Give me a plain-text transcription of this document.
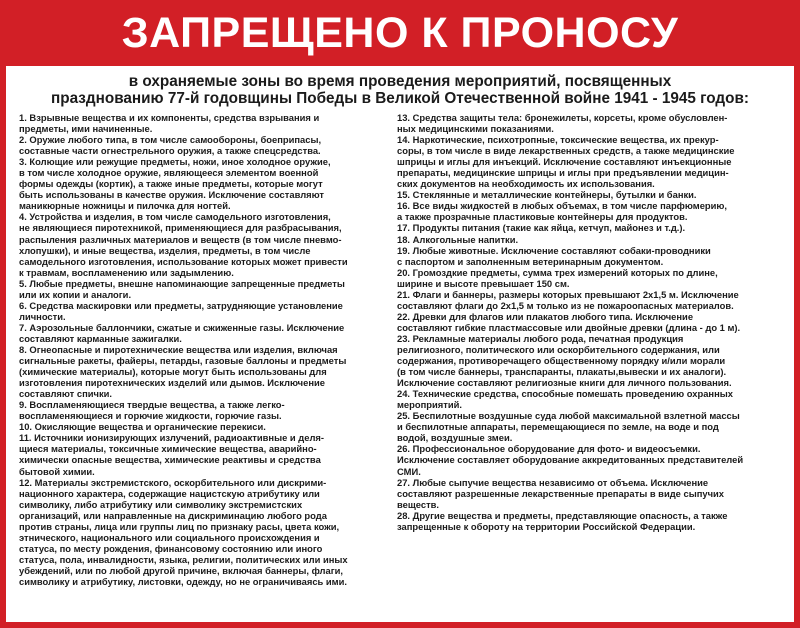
ЗАПРЕЩЕНО К ПРОНОСУ
в охраняемые зоны во время проведения мероприятий, посвященных
празднованию 77-й годовщины Победы в Великой Отечественной войне 1941 - 1945 годов:
1. Взрывные вещества и их компоненты, средства взрывания и
предметы, ими начиненные.
2. Оружие любого типа, в том числе самообороны, боеприпасы,
составные части огнестрельного оружия, а также спецсредства.
3. Колющие или режущие предметы, ножи, иное холодное оружие,
в том числе холодное оружие, являющееся элементом военной
формы одежды (кортик), а также иные предметы, которые могут
быть использованы в качестве оружия. Исключение составляют
маникюрные ножницы и пилочка для ногтей.
4. Устройства и изделия, в том числе самодельного изготовления,
не являющиеся пиротехникой, применяющиеся для разбрасывания,
распыления различных материалов и веществ (в том числе пневмо-
хлопушки), и иные вещества, изделия, предметы, в том числе
самодельного изготовления, использование которых может привести
к травмам, воспламенению или задымлению.
5. Любые предметы, внешне напоминающие запрещенные предметы
или их копии и аналоги.
6. Средства маскировки или предметы, затрудняющие установление
личности.
7. Аэрозольные баллончики, сжатые и сжиженные газы. Исключение
составляют карманные зажигалки.
8. Огнеопасные и пиротехнические вещества или изделия, включая
сигнальные ракеты, файеры, петарды, газовые баллоны и предметы
(химические материалы), которые могут быть использованы для
изготовления пиротехнических изделий или дымов. Исключение
составляют спички.
9. Воспламеняющиеся твердые вещества, а также легко-
воспламеняющиеся и горючие жидкости, горючие газы.
10. Окисляющие вещества и органические перекиси.
11. Источники ионизирующих излучений, радиоактивные и деля-
щиеся материалы, токсичные химические вещества, аварийно-
химически опасные вещества, химические реактивы и средства
бытовой химии.
12. Материалы экстремистского, оскорбительного или дискрими-
национного характера, содержащие нацистскую атрибутику или
символику, либо атрибутику или символику экстремистских
организаций, или направленные на дискриминацию любого рода
против страны, лица или группы лиц по признаку расы, цвета кожи,
этнического, национального или социального происхождения и
статуса, по месту рождения, финансовому состоянию или иного
статуса, пола, инвалидности, языка, религии, политических или иных
убеждений, или по любой другой причине, включая баннеры, флаги,
символику и атрибутику, листовки, одежду, но не ограничиваясь ими.
13. Средства защиты тела: бронежилеты, корсеты, кроме обусловлен-
ных медицинскими показаниями.
14. Наркотические, психотропные, токсические вещества, их прекур-
соры, в том числе в виде лекарственных средств, а также медицинские
шприцы и иглы для инъекций. Исключение составляют инъекционные
препараты, медицинские шприцы и иглы при предъявлении медицин-
ских документов на необходимость их использования.
15. Стеклянные и металлические контейнеры, бутылки и банки.
16. Все виды жидкостей в любых объемах, в том числе парфюмерию,
а также прозрачные пластиковые контейнеры для продуктов.
17. Продукты питания (такие как яйца, кетчуп, майонез и т.д.).
18. Алкогольные напитки.
19. Любые животные. Исключение составляют собаки-проводники
с паспортом и заполненным ветеринарным документом.
20. Громоздкие предметы, сумма трех измерений которых по длине,
ширине и высоте превышает 150 см.
21. Флаги и баннеры, размеры которых превышают 2х1,5 м. Исключение
составляют флаги до 2х1,5 м только из не пожароопасных материалов.
22. Древки для флагов или плакатов любого типа. Исключение
составляют гибкие пластмассовые или двойные древки (длина - до 1 м).
23. Рекламные материалы любого рода, печатная продукция
религиозного, политического или оскорбительного содержания, или
содержания, противоречащего общественному порядку и/или морали
(в том числе баннеры, транспаранты, плакаты,вывески и их аналоги).
Исключение составляют религиозные книги для личного пользования.
24. Технические средства, способные помешать проведению охранных
мероприятий.
25. Беспилотные воздушные суда любой максимальной взлетной массы
и беспилотные аппараты, перемещающиеся по земле, на воде и под
водой, воздушные змеи.
26. Профессиональное оборудование для фото- и видеосъемки.
Исключение составляет оборудование аккредитованных представителей
СМИ.
27. Любые сыпучие вещества независимо от объема. Исключение
составляют разрешенные лекарственные препараты в виде сыпучих
веществ.
28. Другие вещества и предметы, представляющие опасность, а также
запрещенные к обороту на территории Российской Федерации.
